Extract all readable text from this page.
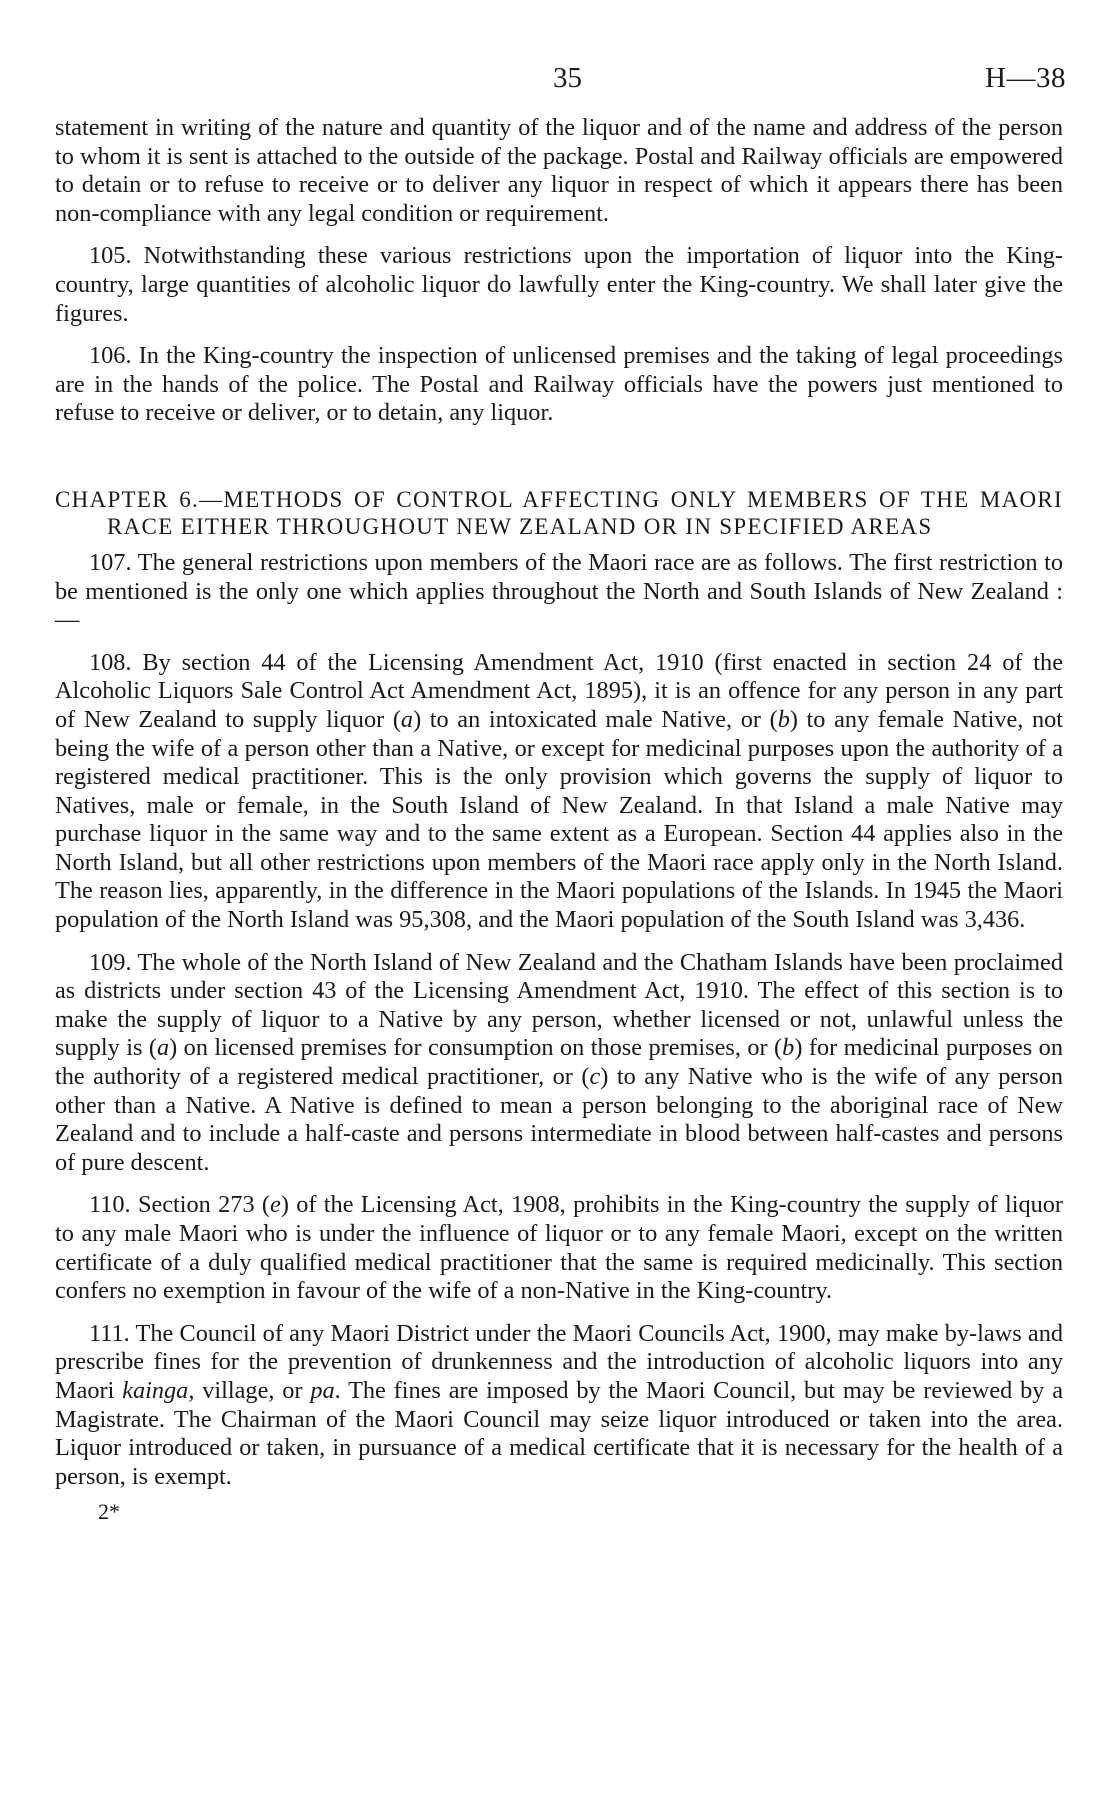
35	H—38

statement in writing of the nature and quantity of the liquor and of the name and address of the person to whom it is sent is attached to the outside of the package. Postal and Railway officials are empowered to detain or to refuse to receive or to deliver any liquor in respect of which it appears there has been non-compliance with any legal condition or requirement.

105. Notwithstanding these various restrictions upon the importation of liquor into the King-country, large quantities of alcoholic liquor do lawfully enter the King-country. We shall later give the figures.

106. In the King-country the inspection of unlicensed premises and the taking of legal proceedings are in the hands of the police. The Postal and Railway officials have the powers just mentioned to refuse to receive or deliver, or to detain, any liquor.

CHAPTER 6.—METHODS OF CONTROL AFFECTING ONLY MEMBERS OF THE MAORI RACE EITHER THROUGHOUT NEW ZEALAND OR IN SPECIFIED AREAS

107. The general restrictions upon members of the Maori race are as follows. The first restriction to be mentioned is the only one which applies throughout the North and South Islands of New Zealand :—

108. By section 44 of the Licensing Amendment Act, 1910 (first enacted in section 24 of the Alcoholic Liquors Sale Control Act Amendment Act, 1895), it is an offence for any person in any part of New Zealand to supply liquor (a) to an intoxicated male Native, or (b) to any female Native, not being the wife of a person other than a Native, or except for medicinal purposes upon the authority of a registered medical practitioner. This is the only provision which governs the supply of liquor to Natives, male or female, in the South Island of New Zealand. In that Island a male Native may purchase liquor in the same way and to the same extent as a European. Section 44 applies also in the North Island, but all other restrictions upon members of the Maori race apply only in the North Island. The reason lies, apparently, in the difference in the Maori populations of the Islands. In 1945 the Maori population of the North Island was 95,308, and the Maori population of the South Island was 3,436.

109. The whole of the North Island of New Zealand and the Chatham Islands have been proclaimed as districts under section 43 of the Licensing Amendment Act, 1910. The effect of this section is to make the supply of liquor to a Native by any person, whether licensed or not, unlawful unless the supply is (a) on licensed premises for consumption on those premises, or (b) for medicinal purposes on the authority of a registered medical practitioner, or (c) to any Native who is the wife of any person other than a Native. A Native is defined to mean a person belonging to the aboriginal race of New Zealand and to include a half-caste and persons intermediate in blood between half-castes and persons of pure descent.

110. Section 273 (e) of the Licensing Act, 1908, prohibits in the King-country the supply of liquor to any male Maori who is under the influence of liquor or to any female Maori, except on the written certificate of a duly qualified medical practitioner that the same is required medicinally. This section confers no exemption in favour of the wife of a non-Native in the King-country.

111. The Council of any Maori District under the Maori Councils Act, 1900, may make by-laws and prescribe fines for the prevention of drunkenness and the introduction of alcoholic liquors into any Maori kainga, village, or pa. The fines are imposed by the Maori Council, but may be reviewed by a Magistrate. The Chairman of the Maori Council may seize liquor introduced or taken into the area. Liquor introduced or taken, in pursuance of a medical certificate that it is necessary for the health of a person, is exempt.

2*
